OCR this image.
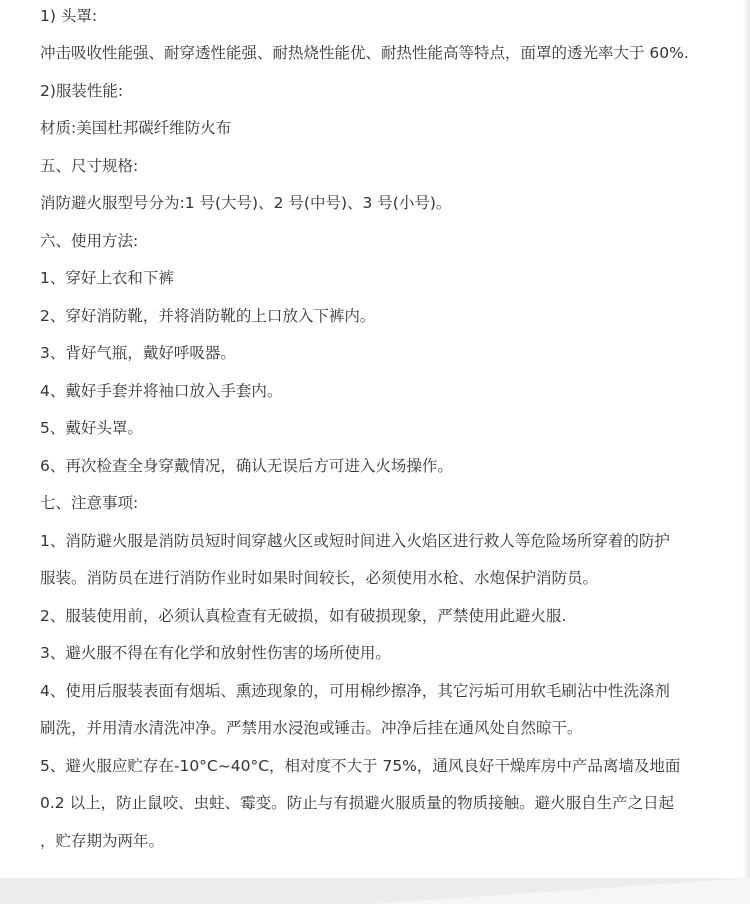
1) 头罩:
冲击吸收性能强、耐穿透性能强、耐热烧性能优、耐热性能高等特点，面罩的透光率大于 60%.
2)服装性能:
材质:美国杜邦碳纤维防火布
五、尺寸规格:
消防避火服型号分为:1 号(大号)、2 号(中号)、3 号(小号)。
六、使用方法:
1、穿好上衣和下裤
2、穿好消防靴，并将消防靴的上口放入下裤内。
3、背好气瓶，戴好呼吸器。
4、戴好手套并将袖口放入手套内。
5、戴好头罩。
6、再次检查全身穿戴情况，确认无误后方可进入火场操作。
七、注意事项:
1、消防避火服是消防员短时间穿越火区或短时间进入火焰区进行救人等危险场所穿着的防护
服装。消防员在进行消防作业时如果时间较长，必须使用水枪、水炮保护消防员。
2、服装使用前，必须认真检查有无破损，如有破损现象，严禁使用此避火服.
3、避火服不得在有化学和放射性伤害的场所使用。
4、使用后服装表面有烟垢、熏迹现象的，可用棉纱擦净，其它污垢可用软毛刷沾中性洗涤剂
刷洗，并用清水清洗冲净。严禁用水浸泡或锤击。冲净后挂在通风处自然晾干。
5、避火服应贮存在-10°C~40°C，相对度不大于 75%，通风良好干燥库房中产品离墙及地面
0.2 以上，防止鼠咬、虫蛀、霉变。防止与有损避火服质量的物质接触。避火服自生产之日起
，贮存期为两年。
